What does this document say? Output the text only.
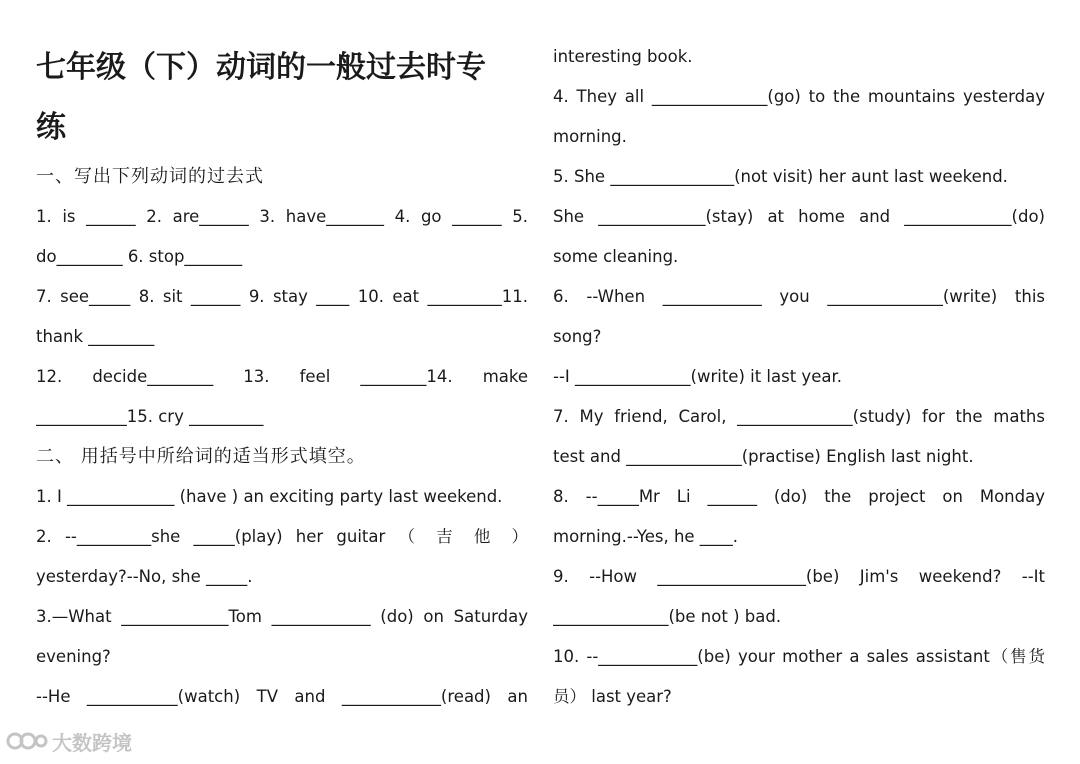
七年级（下）动词的一般过去时专
练
一、写出下列动词的过去式
1. is ______ 2. are______ 3. have_______ 4. go ______ 5.
do________ 6. stop_______
7. see_____ 8. sit ______ 9. stay ____ 10. eat _________11.
thank ________
12. decide________ 13. feel ________14. make
___________15. cry _________
二、 用括号中所给词的适当形式填空。
1. I _____________ (have ) an exciting party last weekend.
2. --_________she _____(play) her guitar （ 吉 他 ）
yesterday?--No, she _____.
3.—What _____________Tom ____________ (do) on Saturday
evening?
--He ___________(watch) TV and ____________(read) an
interesting book.
4. They all ______________(go) to the mountains yesterday
morning.
5. She _______________(not visit) her aunt last weekend.
She _____________(stay) at home and _____________(do)
some cleaning.
6. --When ____________ you ______________(write) this
song?
--I ______________(write) it last year.
7. My friend, Carol, ______________(study) for the maths
test and ______________(practise) English last night.
8. --_____Mr Li ______ (do) the project on Monday
morning.--Yes, he ____.
9. --How __________________(be) Jim's weekend? --It
______________(be not ) bad.
10. --____________(be) your mother a sales assistant（售货
员） last year?
大数跨境
